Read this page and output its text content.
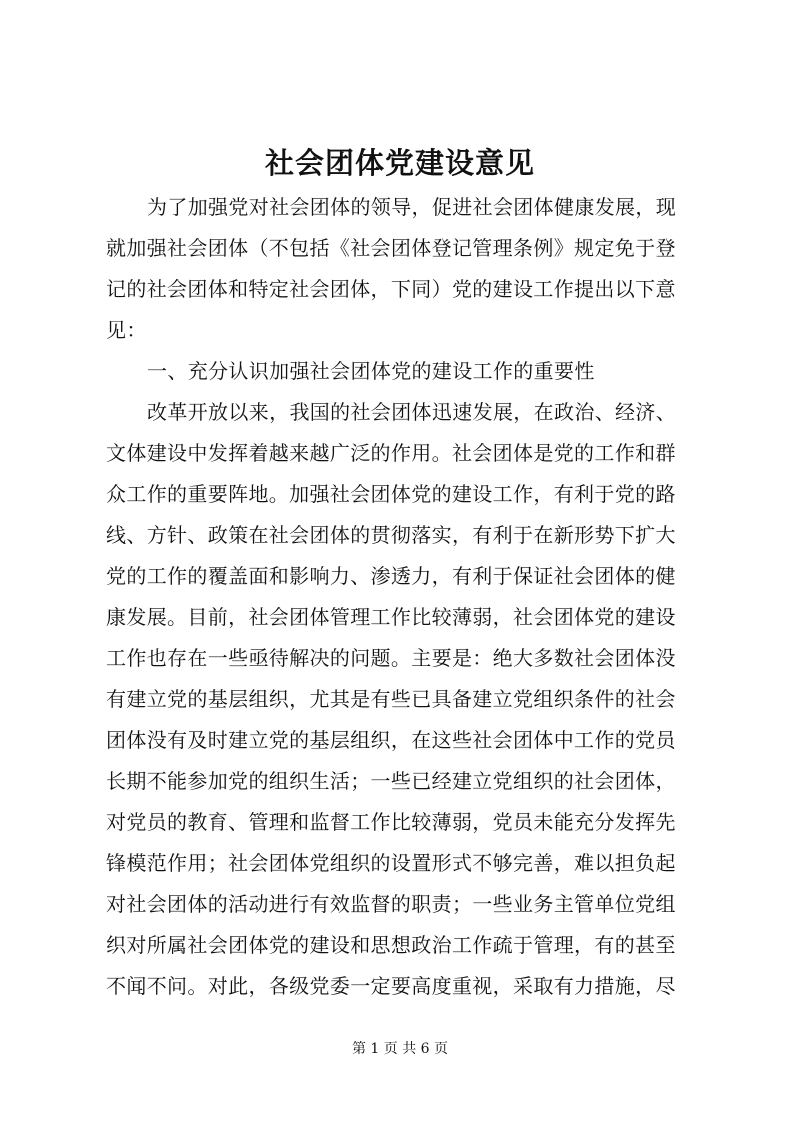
社会团体党建设意见
为了加强党对社会团体的领导，促进社会团体健康发展，现
就加强社会团体（不包括《社会团体登记管理条例》规定免于登
记的社会团体和特定社会团体，下同）党的建设工作提出以下意
见：
一、充分认识加强社会团体党的建设工作的重要性
改革开放以来，我国的社会团体迅速发展，在政治、经济、
文体建设中发挥着越来越广泛的作用。社会团体是党的工作和群
众工作的重要阵地。加强社会团体党的建设工作，有利于党的路
线、方针、政策在社会团体的贯彻落实，有利于在新形势下扩大
党的工作的覆盖面和影响力、渗透力，有利于保证社会团体的健
康发展。目前，社会团体管理工作比较薄弱，社会团体党的建设
工作也存在一些亟待解决的问题。主要是：绝大多数社会团体没
有建立党的基层组织，尤其是有些已具备建立党组织条件的社会
团体没有及时建立党的基层组织，在这些社会团体中工作的党员
长期不能参加党的组织生活；一些已经建立党组织的社会团体，
对党员的教育、管理和监督工作比较薄弱，党员未能充分发挥先
锋模范作用；社会团体党组织的设置形式不够完善，难以担负起
对社会团体的活动进行有效监督的职责；一些业务主管单位党组
织对所属社会团体党的建设和思想政治工作疏于管理，有的甚至
不闻不问。对此，各级党委一定要高度重视，采取有力措施，尽
第 1 页 共 6 页
